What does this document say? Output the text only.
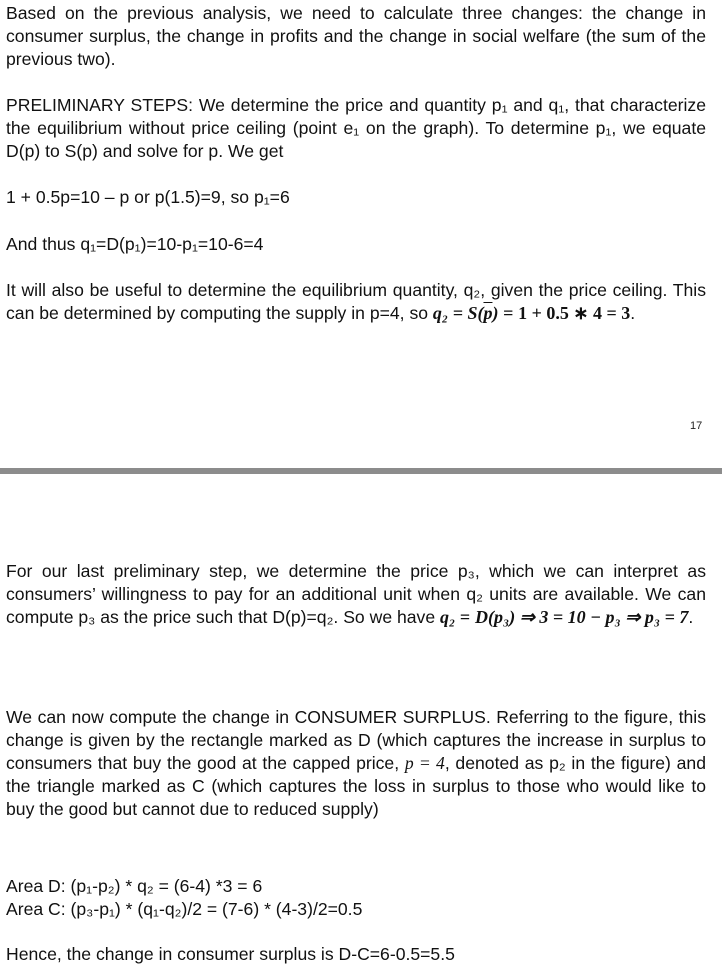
Based on the previous analysis, we need to calculate three changes: the change in consumer surplus, the change in profits and the change in social welfare (the sum of the previous two).

PRELIMINARY STEPS: We determine the price and quantity p₁ and q₁, that characterize the equilibrium without price ceiling (point e₁ on the graph). To determine p₁, we equate D(p) to S(p) and solve for p. We get

1 + 0.5p=10 – p or p(1.5)=9, so p₁=6
And thus q₁=D(p₁)=10-p₁=10-6=4

It will also be useful to determine the equilibrium quantity, q₂, given the price ceiling. This can be determined by computing the supply in p=4, so $q_2 = S(\overline{p}) = 1 + 0.5$ ∗ 4 = 3.

17

For our last preliminary step, we determine the price p₃, which we can interpret as consumers’ willingness to pay for an additional unit when q₂ units are available. We can compute p₃ as the price such that D(p)=q₂. So we have q₂ = D(p₃) ⇒ 3 = 10 − p₃ ⇒ p₃ = 7.

We can now compute the change in CONSUMER SURPLUS. Referring to the figure, this change is given by the rectangle marked as D (which captures the increase in surplus to consumers that buy the good at the capped price, p = 4, denoted as p₂ in the figure) and the triangle marked as C (which captures the loss in surplus to those who would like to buy the good but cannot due to reduced supply)

Area D: (p₁-p₂) * q₂ = (6-4) *3 = 6
Area C: (p₃-p₁) * (q₁-q₂)/2 = (7-6) * (4-3)/2=0.5
Hence, the change in consumer surplus is D-C=6-0.5=5.5
